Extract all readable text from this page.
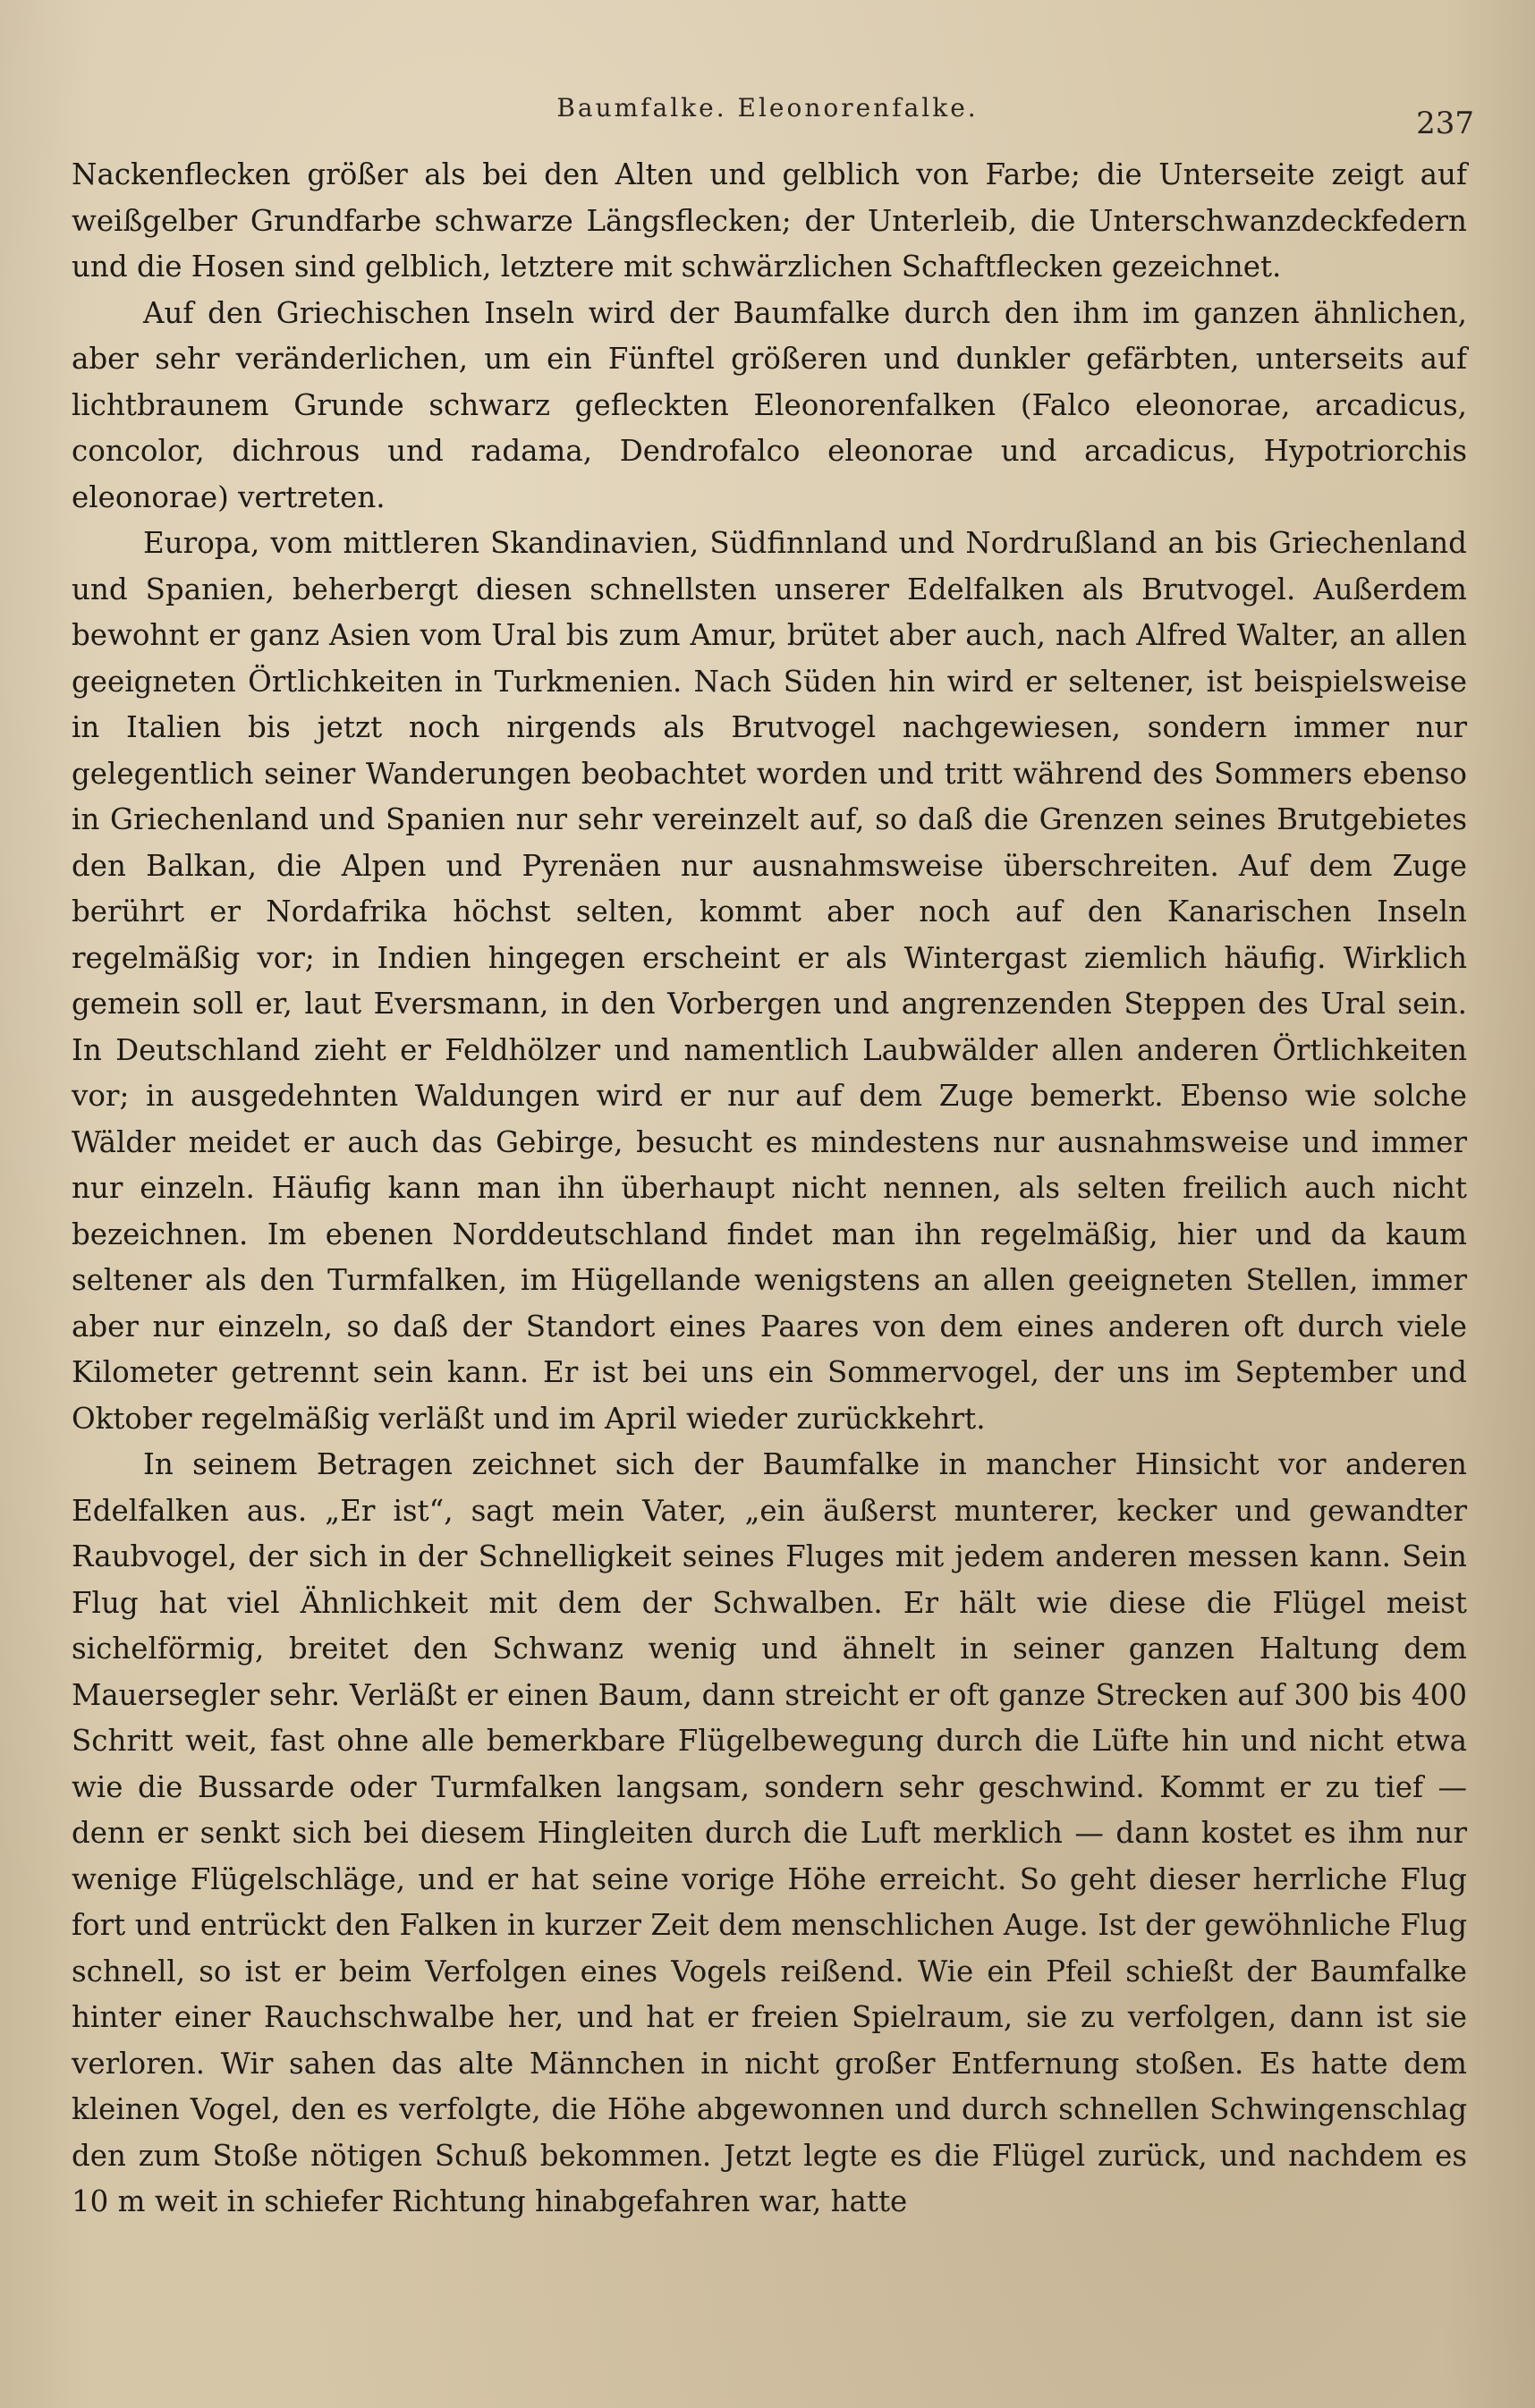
Baumfalke. Eleonorenfalke.	237

Nackenflecken größer als bei den Alten und gelblich von Farbe; die Unterseite zeigt auf weißgelber Grundfarbe schwarze Längsflecken; der Unterleib, die Unterschwanzdeckfedern und die Hosen sind gelblich, letztere mit schwärzlichen Schaftflecken gezeichnet.

Auf den Griechischen Inseln wird der Baumfalke durch den ihm im ganzen ähnlichen, aber sehr veränderlichen, um ein Fünftel größeren und dunkler gefärbten, unterseits auf lichtbraunem Grunde schwarz gefleckten Eleonorenfalken (Falco eleonorae, arcadicus, concolor, dichrous und radama, Dendrofalco eleonorae und arcadicus, Hypotriorchis eleonorae) vertreten.

Europa, vom mittleren Skandinavien, Südfinnland und Nordrußland an bis Griechenland und Spanien, beherbergt diesen schnellsten unserer Edelfalken als Brutvogel. Außerdem bewohnt er ganz Asien vom Ural bis zum Amur, brütet aber auch, nach Alfred Walter, an allen geeigneten Örtlichkeiten in Turkmenien. Nach Süden hin wird er seltener, ist beispielsweise in Italien bis jetzt noch nirgends als Brutvogel nachgewiesen, sondern immer nur gelegentlich seiner Wanderungen beobachtet worden und tritt während des Sommers ebenso in Griechenland und Spanien nur sehr vereinzelt auf, so daß die Grenzen seines Brutgebietes den Balkan, die Alpen und Pyrenäen nur ausnahmsweise überschreiten. Auf dem Zuge berührt er Nordafrika höchst selten, kommt aber noch auf den Kanarischen Inseln regelmäßig vor; in Indien hingegen erscheint er als Wintergast ziemlich häufig. Wirklich gemein soll er, laut Eversmann, in den Vorbergen und angrenzenden Steppen des Ural sein. In Deutschland zieht er Feldhölzer und namentlich Laubwälder allen anderen Örtlichkeiten vor; in ausgedehnten Waldungen wird er nur auf dem Zuge bemerkt. Ebenso wie solche Wälder meidet er auch das Gebirge, besucht es mindestens nur ausnahmsweise und immer nur einzeln. Häufig kann man ihn überhaupt nicht nennen, als selten freilich auch nicht bezeichnen. Im ebenen Norddeutschland findet man ihn regelmäßig, hier und da kaum seltener als den Turmfalken, im Hügellande wenigstens an allen geeigneten Stellen, immer aber nur einzeln, so daß der Standort eines Paares von dem eines anderen oft durch viele Kilometer getrennt sein kann. Er ist bei uns ein Sommervogel, der uns im September und Oktober regelmäßig verläßt und im April wieder zurückkehrt.

In seinem Betragen zeichnet sich der Baumfalke in mancher Hinsicht vor anderen Edelfalken aus. „Er ist“, sagt mein Vater, „ein äußerst munterer, kecker und gewandter Raubvogel, der sich in der Schnelligkeit seines Fluges mit jedem anderen messen kann. Sein Flug hat viel Ähnlichkeit mit dem der Schwalben. Er hält wie diese die Flügel meist sichelförmig, breitet den Schwanz wenig und ähnelt in seiner ganzen Haltung dem Mauersegler sehr. Verläßt er einen Baum, dann streicht er oft ganze Strecken auf 300 bis 400 Schritt weit, fast ohne alle bemerkbare Flügelbewegung durch die Lüfte hin und nicht etwa wie die Bussarde oder Turmfalken langsam, sondern sehr geschwind. Kommt er zu tief — denn er senkt sich bei diesem Hingleiten durch die Luft merklich — dann kostet es ihm nur wenige Flügelschläge, und er hat seine vorige Höhe erreicht. So geht dieser herrliche Flug fort und entrückt den Falken in kurzer Zeit dem menschlichen Auge. Ist der gewöhnliche Flug schnell, so ist er beim Verfolgen eines Vogels reißend. Wie ein Pfeil schießt der Baumfalke hinter einer Rauchschwalbe her, und hat er freien Spielraum, sie zu verfolgen, dann ist sie verloren. Wir sahen das alte Männchen in nicht großer Entfernung stoßen. Es hatte dem kleinen Vogel, den es verfolgte, die Höhe abgewonnen und durch schnellen Schwingenschlag den zum Stoße nötigen Schuß bekommen. Jetzt legte es die Flügel zurück, und nachdem es 10 m weit in schiefer Richtung hinabgefahren war, hatte
